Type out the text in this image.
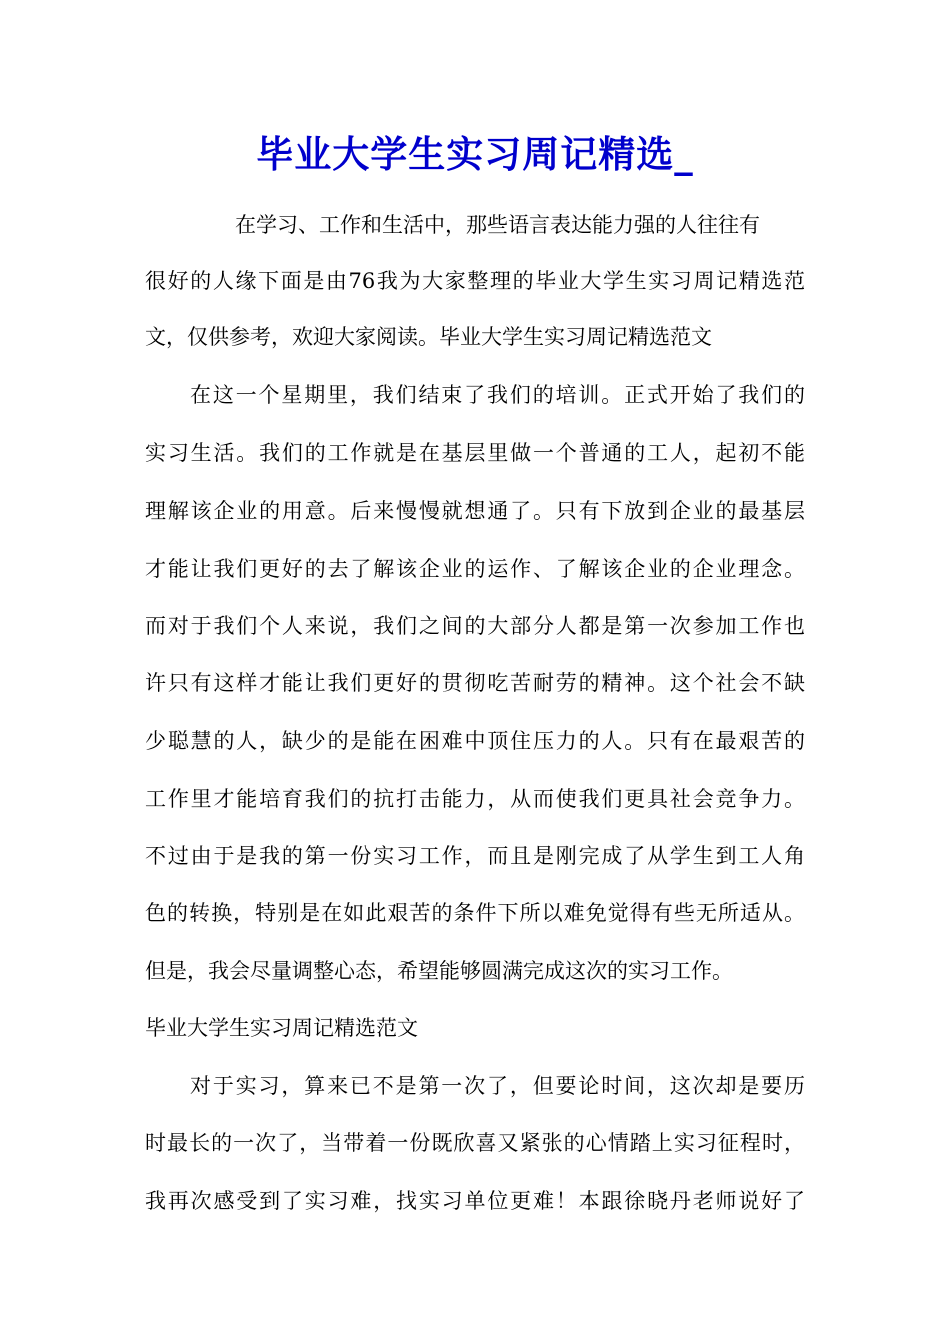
毕业大学生实习周记精选_
在学习、工作和生活中，那些语言表达能力强的人往往有
很好的人缘下面是由76我为大家整理的毕业大学生实习周记精选范
文，仅供参考，欢迎大家阅读。毕业大学生实习周记精选范文
在这一个星期里，我们结束了我们的培训。正式开始了我们的
实习生活。我们的工作就是在基层里做一个普通的工人，起初不能
理解该企业的用意。后来慢慢就想通了。只有下放到企业的最基层
才能让我们更好的去了解该企业的运作、了解该企业的企业理念。
而对于我们个人来说，我们之间的大部分人都是第一次参加工作也
许只有这样才能让我们更好的贯彻吃苦耐劳的精神。这个社会不缺
少聪慧的人，缺少的是能在困难中顶住压力的人。只有在最艰苦的
工作里才能培育我们的抗打击能力，从而使我们更具社会竞争力。
不过由于是我的第一份实习工作，而且是刚完成了从学生到工人角
色的转换，特别是在如此艰苦的条件下所以难免觉得有些无所适从。
但是，我会尽量调整心态，希望能够圆满完成这次的实习工作。
毕业大学生实习周记精选范文
对于实习，算来已不是第一次了，但要论时间，这次却是要历
时最长的一次了，当带着一份既欣喜又紧张的心情踏上实习征程时，
我再次感受到了实习难，找实习单位更难！本跟徐晓丹老师说好了
